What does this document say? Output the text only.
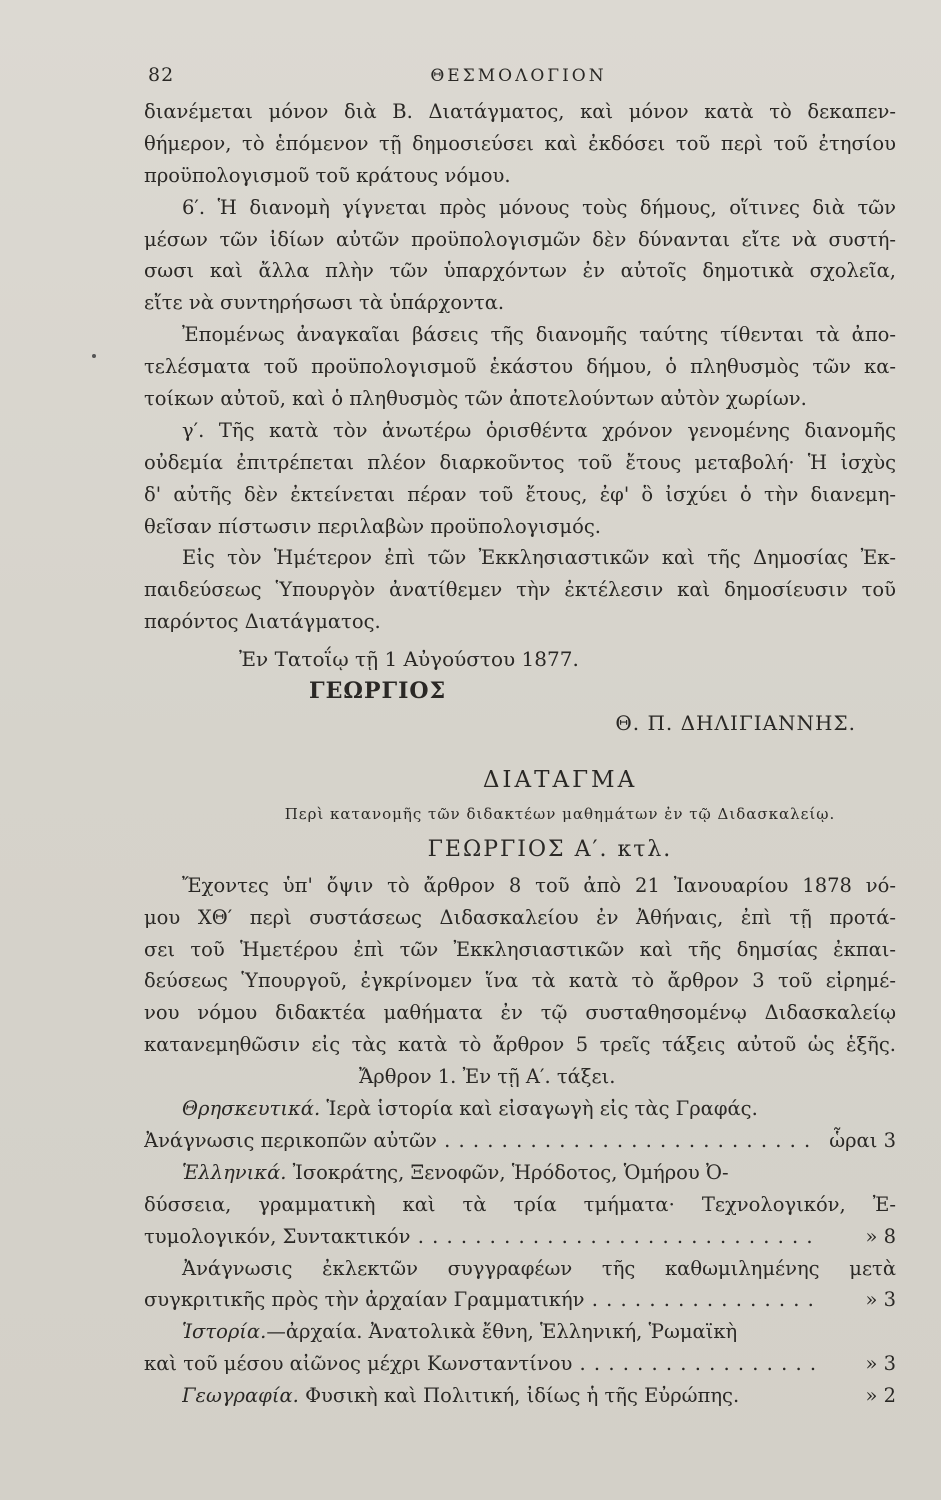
82	ΘΕΣΜΟΛΟΓΙΟΝ
διανέμεται μόνον διὰ Β. Διατάγματος, καὶ μόνον κατὰ τὸ δεκαπεν-
θήμερον, τὸ ἑπόμενον τῇ δημοσιεύσει καὶ ἐκδόσει τοῦ περὶ τοῦ ἐτησίου
προϋπολογισμοῦ τοῦ κράτους νόμου.
6′. Ἡ διανομὴ γίγνεται πρὸς μόνους τοὺς δήμους, οἵτινες διὰ τῶν
μέσων τῶν ἰδίων αὐτῶν προϋπολογισμῶν δὲν δύνανται εἴτε νὰ συστή-
σωσι καὶ ἄλλα πλὴν τῶν ὑπαρχόντων ἐν αὐτοῖς δημοτικὰ σχολεῖα,
εἴτε νὰ συντηρήσωσι τὰ ὑπάρχοντα.
Ἐπομένως ἀναγκαῖαι βάσεις τῆς διανομῆς ταύτης τίθενται τὰ ἀπο-
τελέσματα τοῦ προϋπολογισμοῦ ἑκάστου δήμου, ὁ πληθυσμὸς τῶν κα-
τοίκων αὐτοῦ, καὶ ὁ πληθυσμὸς τῶν ἀποτελούντων αὐτὸν χωρίων.
γ′. Τῆς κατὰ τὸν ἀνωτέρω ὁρισθέντα χρόνον γενομένης διανομῆς
οὐδεμία ἐπιτρέπεται πλέον διαρκοῦντος τοῦ ἔτους μεταβολή· Ἡ ἰσχὺς
δ' αὐτῆς δὲν ἐκτείνεται πέραν τοῦ ἔτους, ἐφ' ὃ ἰσχύει ὁ τὴν διανεμη-
θεῖσαν πίστωσιν περιλαβὼν προϋπολογισμός.
Εἰς τὸν Ἡμέτερον ἐπὶ τῶν Ἐκκλησιαστικῶν καὶ τῆς Δημοσίας Ἐκ-
παιδεύσεως Ὑπουργὸν ἀνατίθεμεν τὴν ἐκτέλεσιν καὶ δημοσίευσιν τοῦ
παρόντος Διατάγματος.
Ἐν Τατοΐῳ τῇ 1 Αὐγούστου 1877.
ΓΕΩΡΓΙΟΣ
Θ. Π. ΔΗΛΙΓΙΑΝΝΗΣ.
ΔΙΑΤΑΓΜΑ
Περὶ κατανομῆς τῶν διδακτέων μαθημάτων ἐν τῷ Διδασκαλείῳ.
ΓΕΩΡΓΙΟΣ Α′. κτλ.
Ἔχοντες ὑπ' ὄψιν τὸ ἄρθρον 8 τοῦ ἀπὸ 21 Ἰανουαρίου 1878 νό-
μου ΧΘ′ περὶ συστάσεως Διδασκαλείου ἐν Ἀθήναις, ἐπὶ τῇ προτά-
σει τοῦ Ἡμετέρου ἐπὶ τῶν Ἐκκλησιαστικῶν καὶ τῆς δημσίας ἐκπαι-
δεύσεως Ὑπουργοῦ, ἐγκρίνομεν ἵνα τὰ κατὰ τὸ ἄρθρον 3 τοῦ εἰρημέ-
νου νόμου διδακτέα μαθήματα ἐν τῷ συσταθησομένῳ Διδασκαλείῳ
κατανεμηθῶσιν εἰς τὰς κατὰ τὸ ἄρθρον 5 τρεῖς τάξεις αὐτοῦ ὡς ἑξῆς.
Ἄρθρον 1. Ἐν τῇ Α′. τάξει.
Θρησκευτικά. Ἱερὰ ἱστορία καὶ εἰσαγωγὴ εἰς τὰς Γραφάς.
Ἀνάγνωσις περικοπῶν αὐτῶν . . .	ὧραι 3
Ἑλληνικά. Ἰσοκράτης, Ξενοφῶν, Ἡρόδοτος, Ὁμήρου Ὀ-
δύσσεια, γραμματικὴ καὶ τὰ τρία τμήματα· Τεχνολογικόν, Ἐ-
τυμολογικόν, Συντακτικόν . . .	» 8
Ἀνάγνωσις ἐκλεκτῶν συγγραφέων τῆς καθωμιλημένης μετὰ
συγκριτικῆς πρὸς τὴν ἀρχαίαν Γραμματικήν . . .	» 3
Ἱστορία.—ἀρχαία. Ἀνατολικὰ ἔθνη, Ἑλληνική, Ῥωμαϊκὴ
καὶ τοῦ μέσου αἰῶνος μέχρι Κωνσταντίνου . . .	» 3
Γεωγραφία. Φυσικὴ καὶ Πολιτική, ἰδίως ἡ τῆς Εὐρώπης.	» 2
